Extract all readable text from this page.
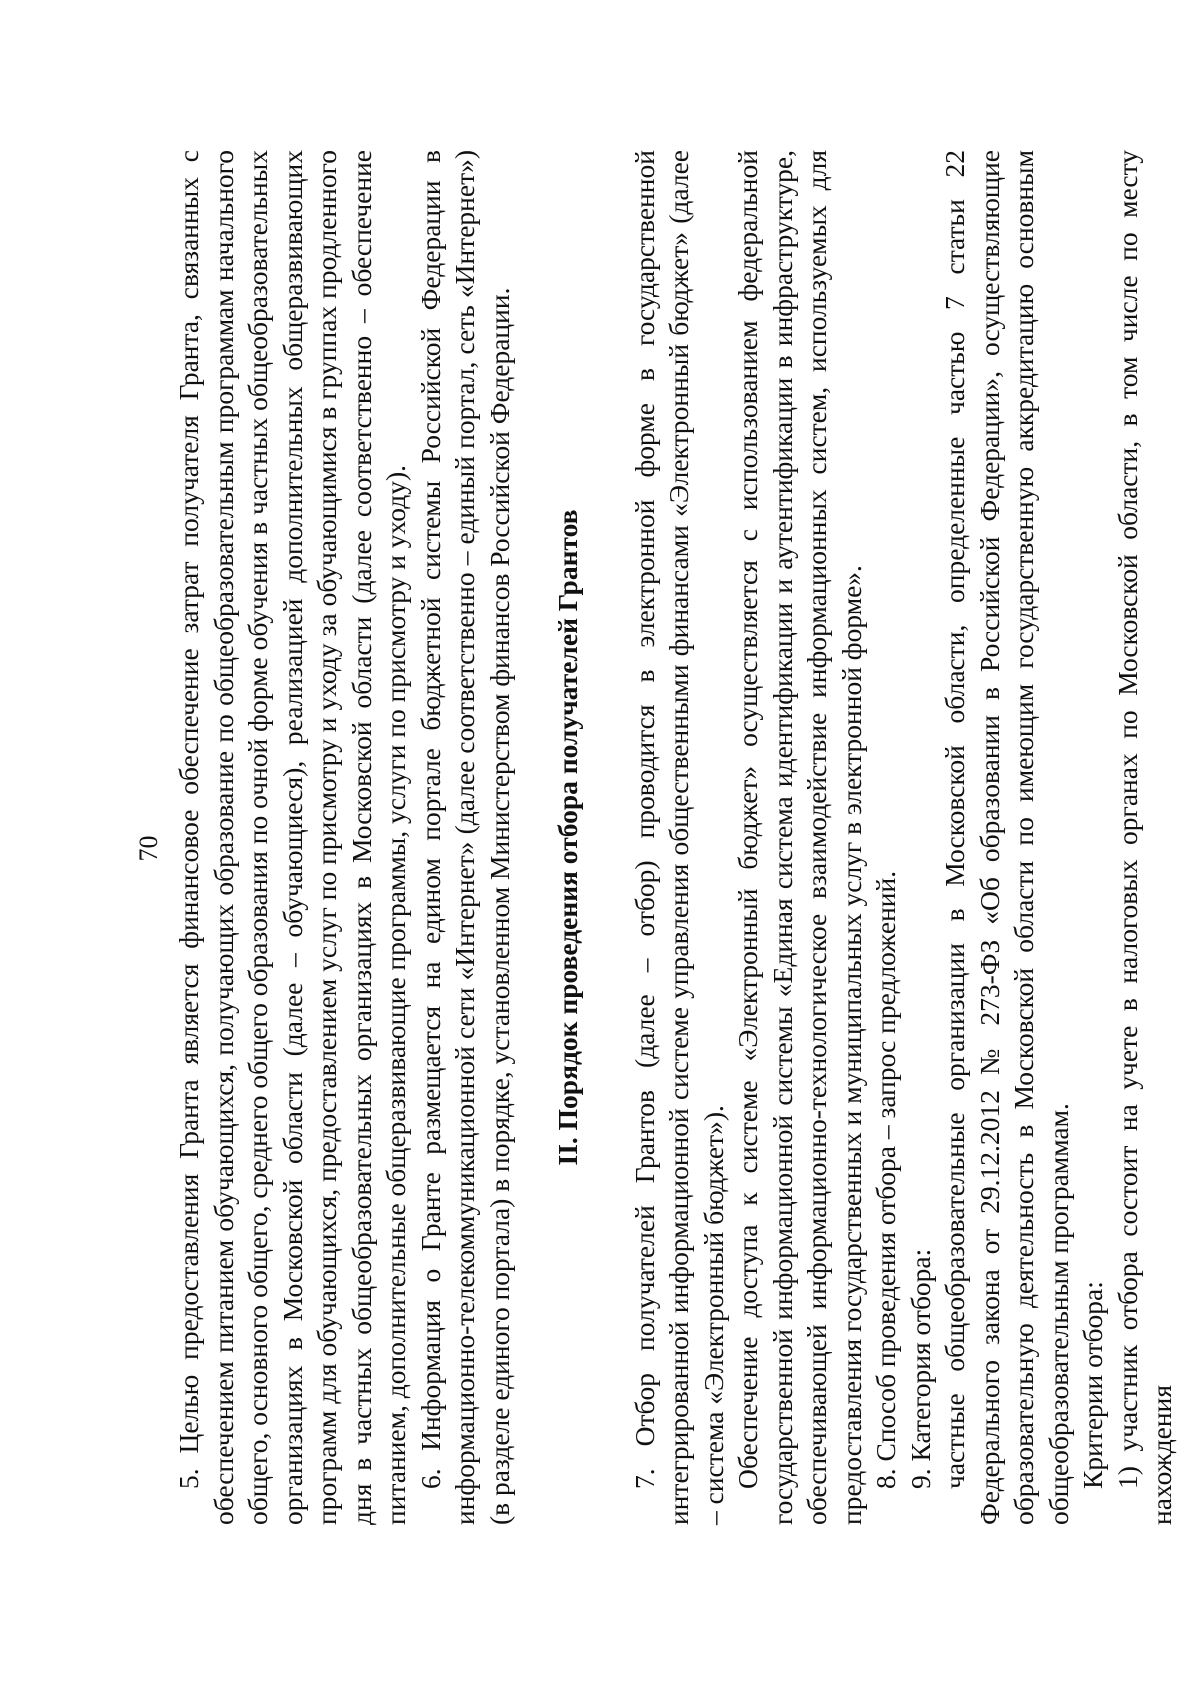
70 5. Целью предоставления Гранта является финансовое обеспечение затрат получателя Гранта, связанных с обеспечением питанием обучающихся, получающих образование по общеобразовательным программам начального общего, основного общего, среднего общего образования по очной форме обучения в частных общеобразовательных организациях в Московской области (далее – обучающиеся), реализацией дополнительных общеразвивающих программ для обучающихся, предоставлением услуг по присмотру и уходу за обучающимися в группах продленного дня в частных общеобразовательных организациях в Московской области (далее соответственно – обеспечение питанием, дополнительные общеразвивающие программы, услуги по присмотру и уходу). 6. Информация о Гранте размещается на едином портале бюджетной системы Российской Федерации в информационно-телекоммуникационной сети «Интернет» (далее соответственно – единый портал, сеть «Интернет») (в разделе единого портала) в порядке, установленном Министерством финансов Российской Федерации. II. Порядок проведения отбора получателей Грантов 7. Отбор получателей Грантов (далее – отбор) проводится в электронной форме в государственной интегрированной информационной системе управления общественными финансами «Электронный бюджет» (далее – система «Электронный бюджет»). Обеспечение доступа к системе «Электронный бюджет» осуществляется с использованием федеральной государственной информационной системы «Единая система идентификации и аутентификации в инфраструктуре, обеспечивающей информационно-технологическое взаимодействие информационных систем, используемых для предоставления государственных и муниципальных услуг в электронной форме». 8. Способ проведения отбора – запрос предложений. 9. Категория отбора: частные общеобразовательные организации в Московской области, определенные частью 7 статьи 22 Федерального закона от 29.12.2012 № 273-ФЗ «Об образовании в Российской Федерации», осуществляющие образовательную деятельность в Московской области по имеющим государственную аккредитацию основным общеобразовательным программам. Критерии отбора: 1) участник отбора состоит на учете в налоговых органах по Московской области, в том числе по месту нахождения
